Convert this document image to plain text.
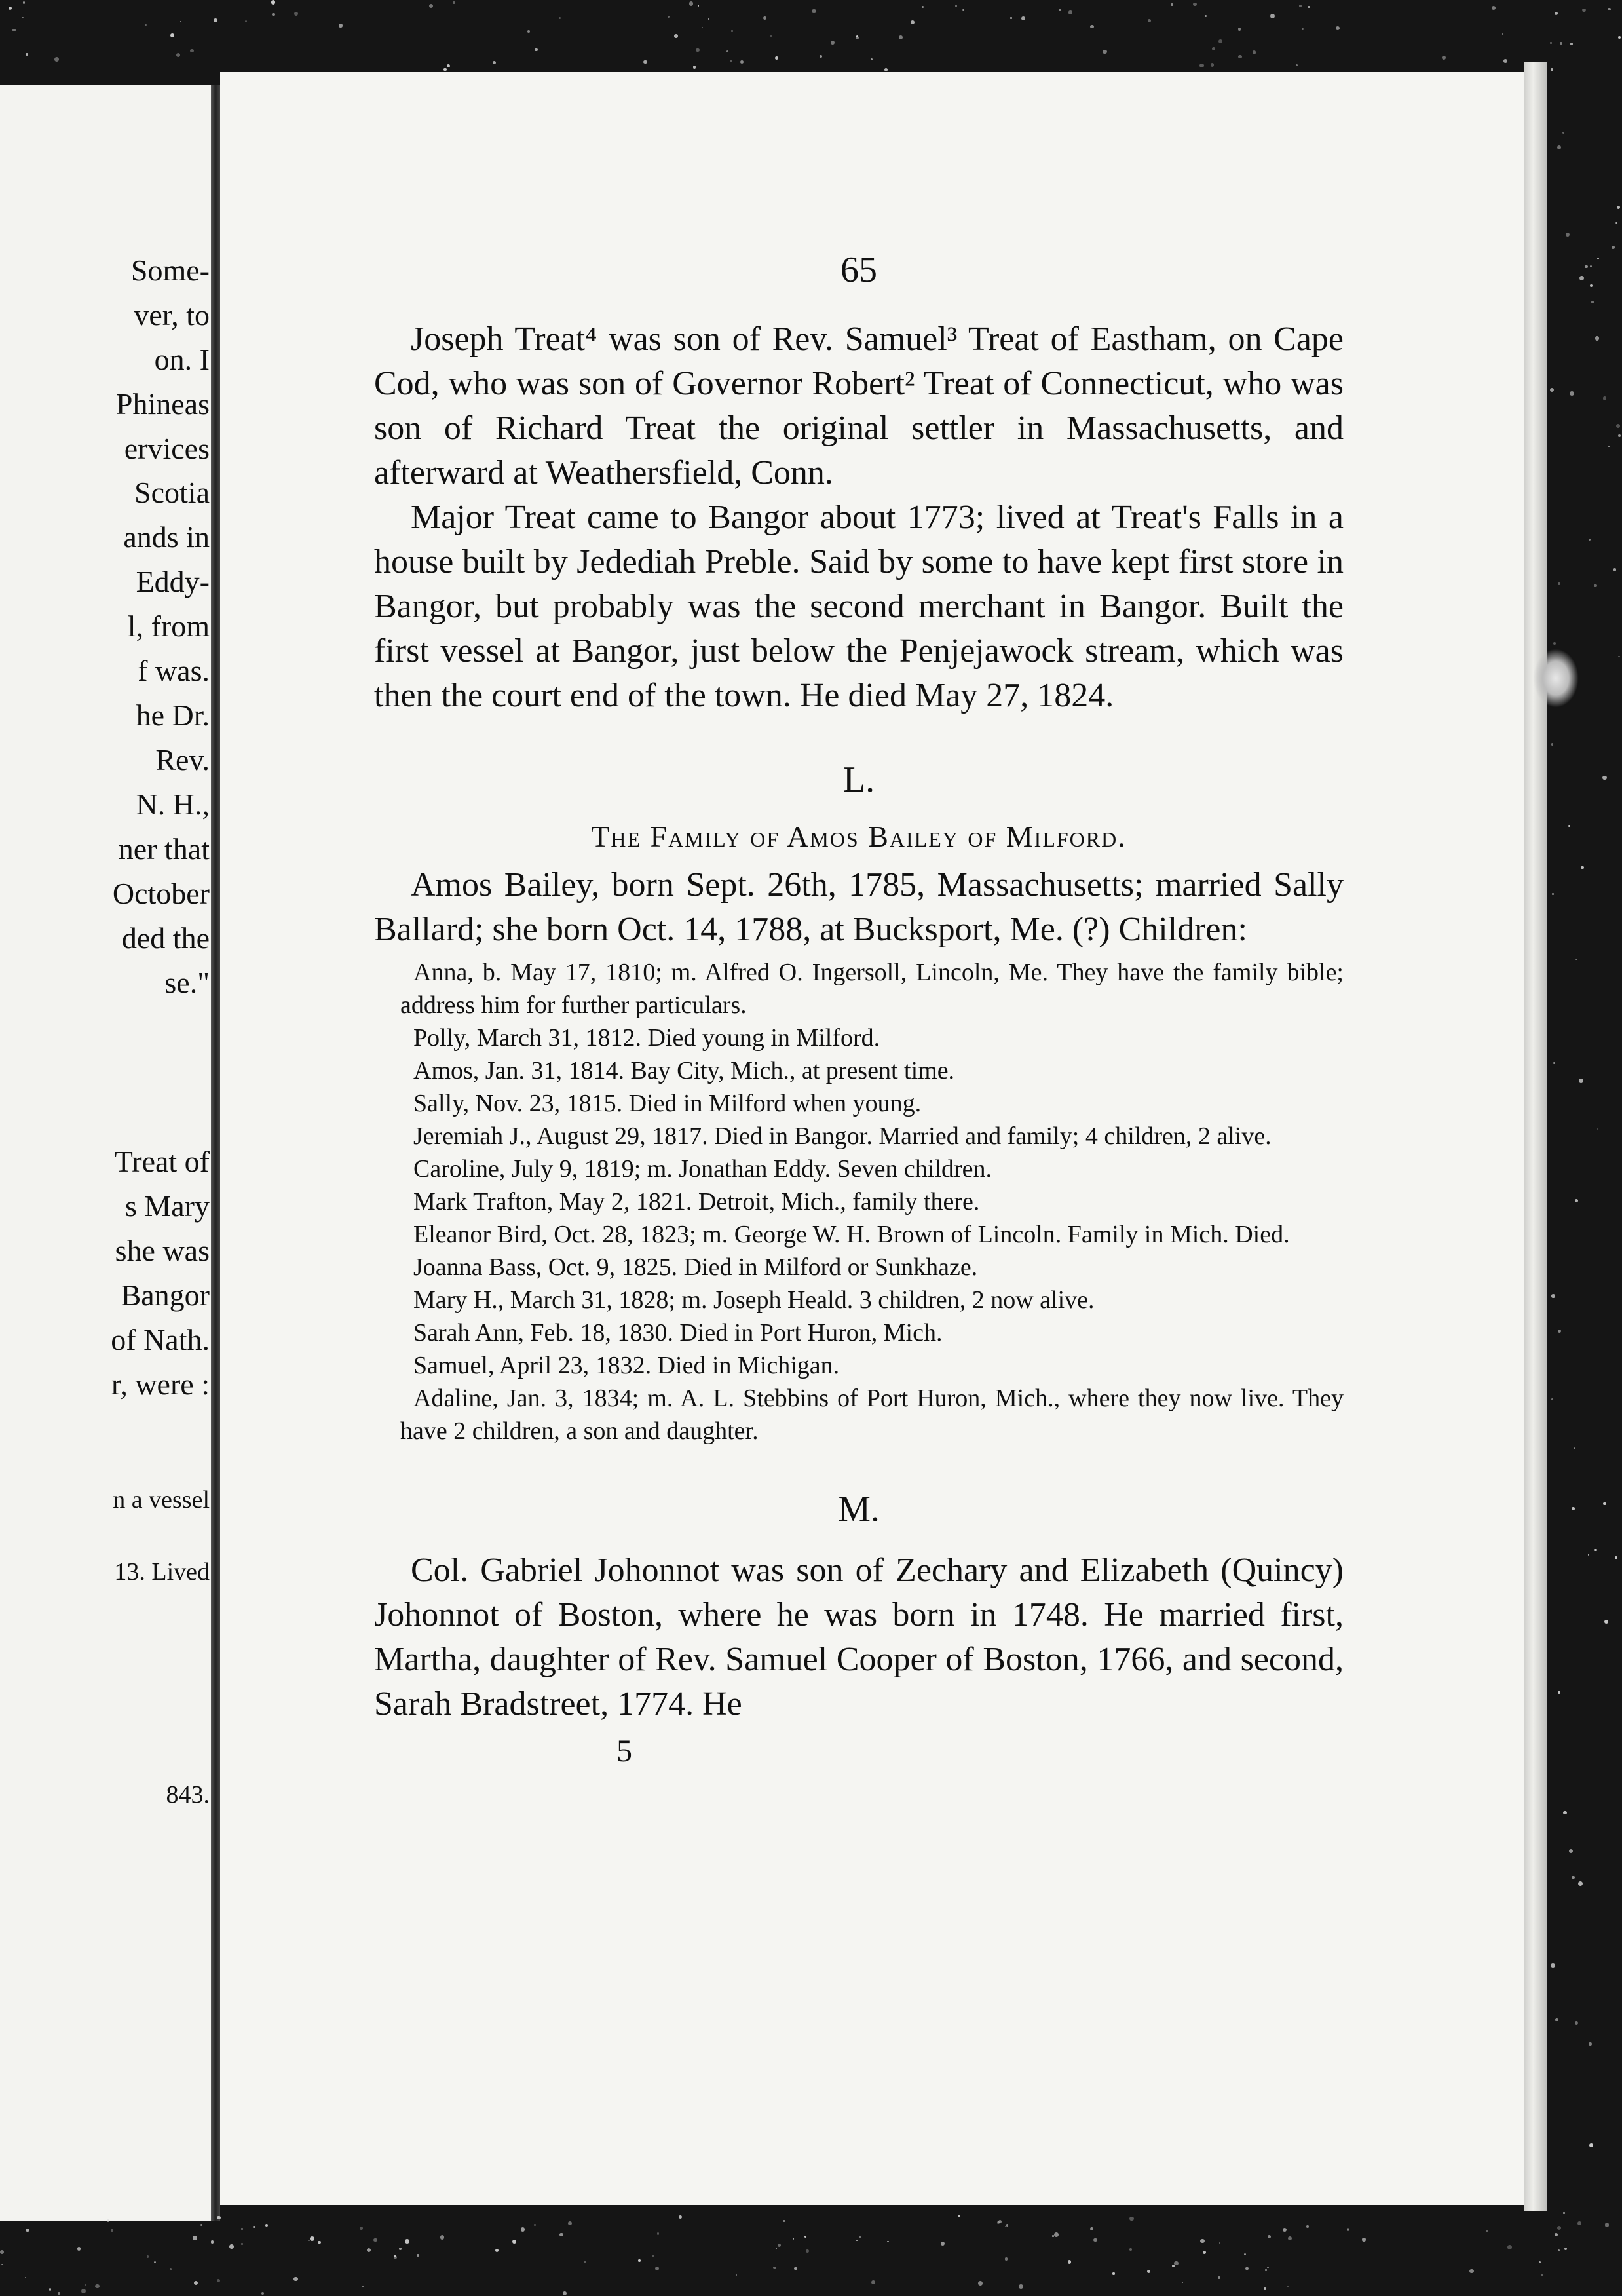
Some-
ver, to
on. I
Phineas
ervices
Scotia
ands in
Eddy-
l, from
f was.
he Dr.
Rev.
N. H.,
ner that
October
ded the
se."
Treat of
s Mary
she was
Bangor
of Nath.
r, were :
n a vessel
13. Lived
843.
65

Joseph Treat⁴ was son of Rev. Samuel³ Treat of Eastham, on Cape Cod, who was son of Governor Robert² Treat of Connecticut, who was son of Richard Treat the original settler in Massachusetts, and afterward at Weathersfield, Conn.

Major Treat came to Bangor about 1773; lived at Treat's Falls in a house built by Jedediah Preble. Said by some to have kept first store in Bangor, but probably was the second merchant in Bangor. Built the first vessel at Bangor, just below the Penjejawock stream, which was then the court end of the town. He died May 27, 1824.

L.
The Family of Amos Bailey of Milford.

Amos Bailey, born Sept. 26th, 1785, Massachusetts; married Sally Ballard; she born Oct. 14, 1788, at Bucksport, Me. (?) Children:

Anna, b. May 17, 1810; m. Alfred O. Ingersoll, Lincoln, Me. They have the family bible; address him for further particulars.

Polly, March 31, 1812. Died young in Milford.

Amos, Jan. 31, 1814. Bay City, Mich., at present time.

Sally, Nov. 23, 1815. Died in Milford when young.

Jeremiah J., August 29, 1817. Died in Bangor. Married and family; 4 children, 2 alive.

Caroline, July 9, 1819; m. Jonathan Eddy. Seven children.

Mark Trafton, May 2, 1821. Detroit, Mich., family there.

Eleanor Bird, Oct. 28, 1823; m. George W. H. Brown of Lincoln. Family in Mich. Died.

Joanna Bass, Oct. 9, 1825. Died in Milford or Sunkhaze.

Mary H., March 31, 1828; m. Joseph Heald. 3 children, 2 now alive.

Sarah Ann, Feb. 18, 1830. Died in Port Huron, Mich.

Samuel, April 23, 1832. Died in Michigan.

Adaline, Jan. 3, 1834; m. A. L. Stebbins of Port Huron, Mich., where they now live. They have 2 children, a son and daughter.

M.

Col. Gabriel Johonnot was son of Zechary and Elizabeth (Quincy) Johonnot of Boston, where he was born in 1748. He married first, Martha, daughter of Rev. Samuel Cooper of Boston, 1766, and second, Sarah Bradstreet, 1774. He

5
